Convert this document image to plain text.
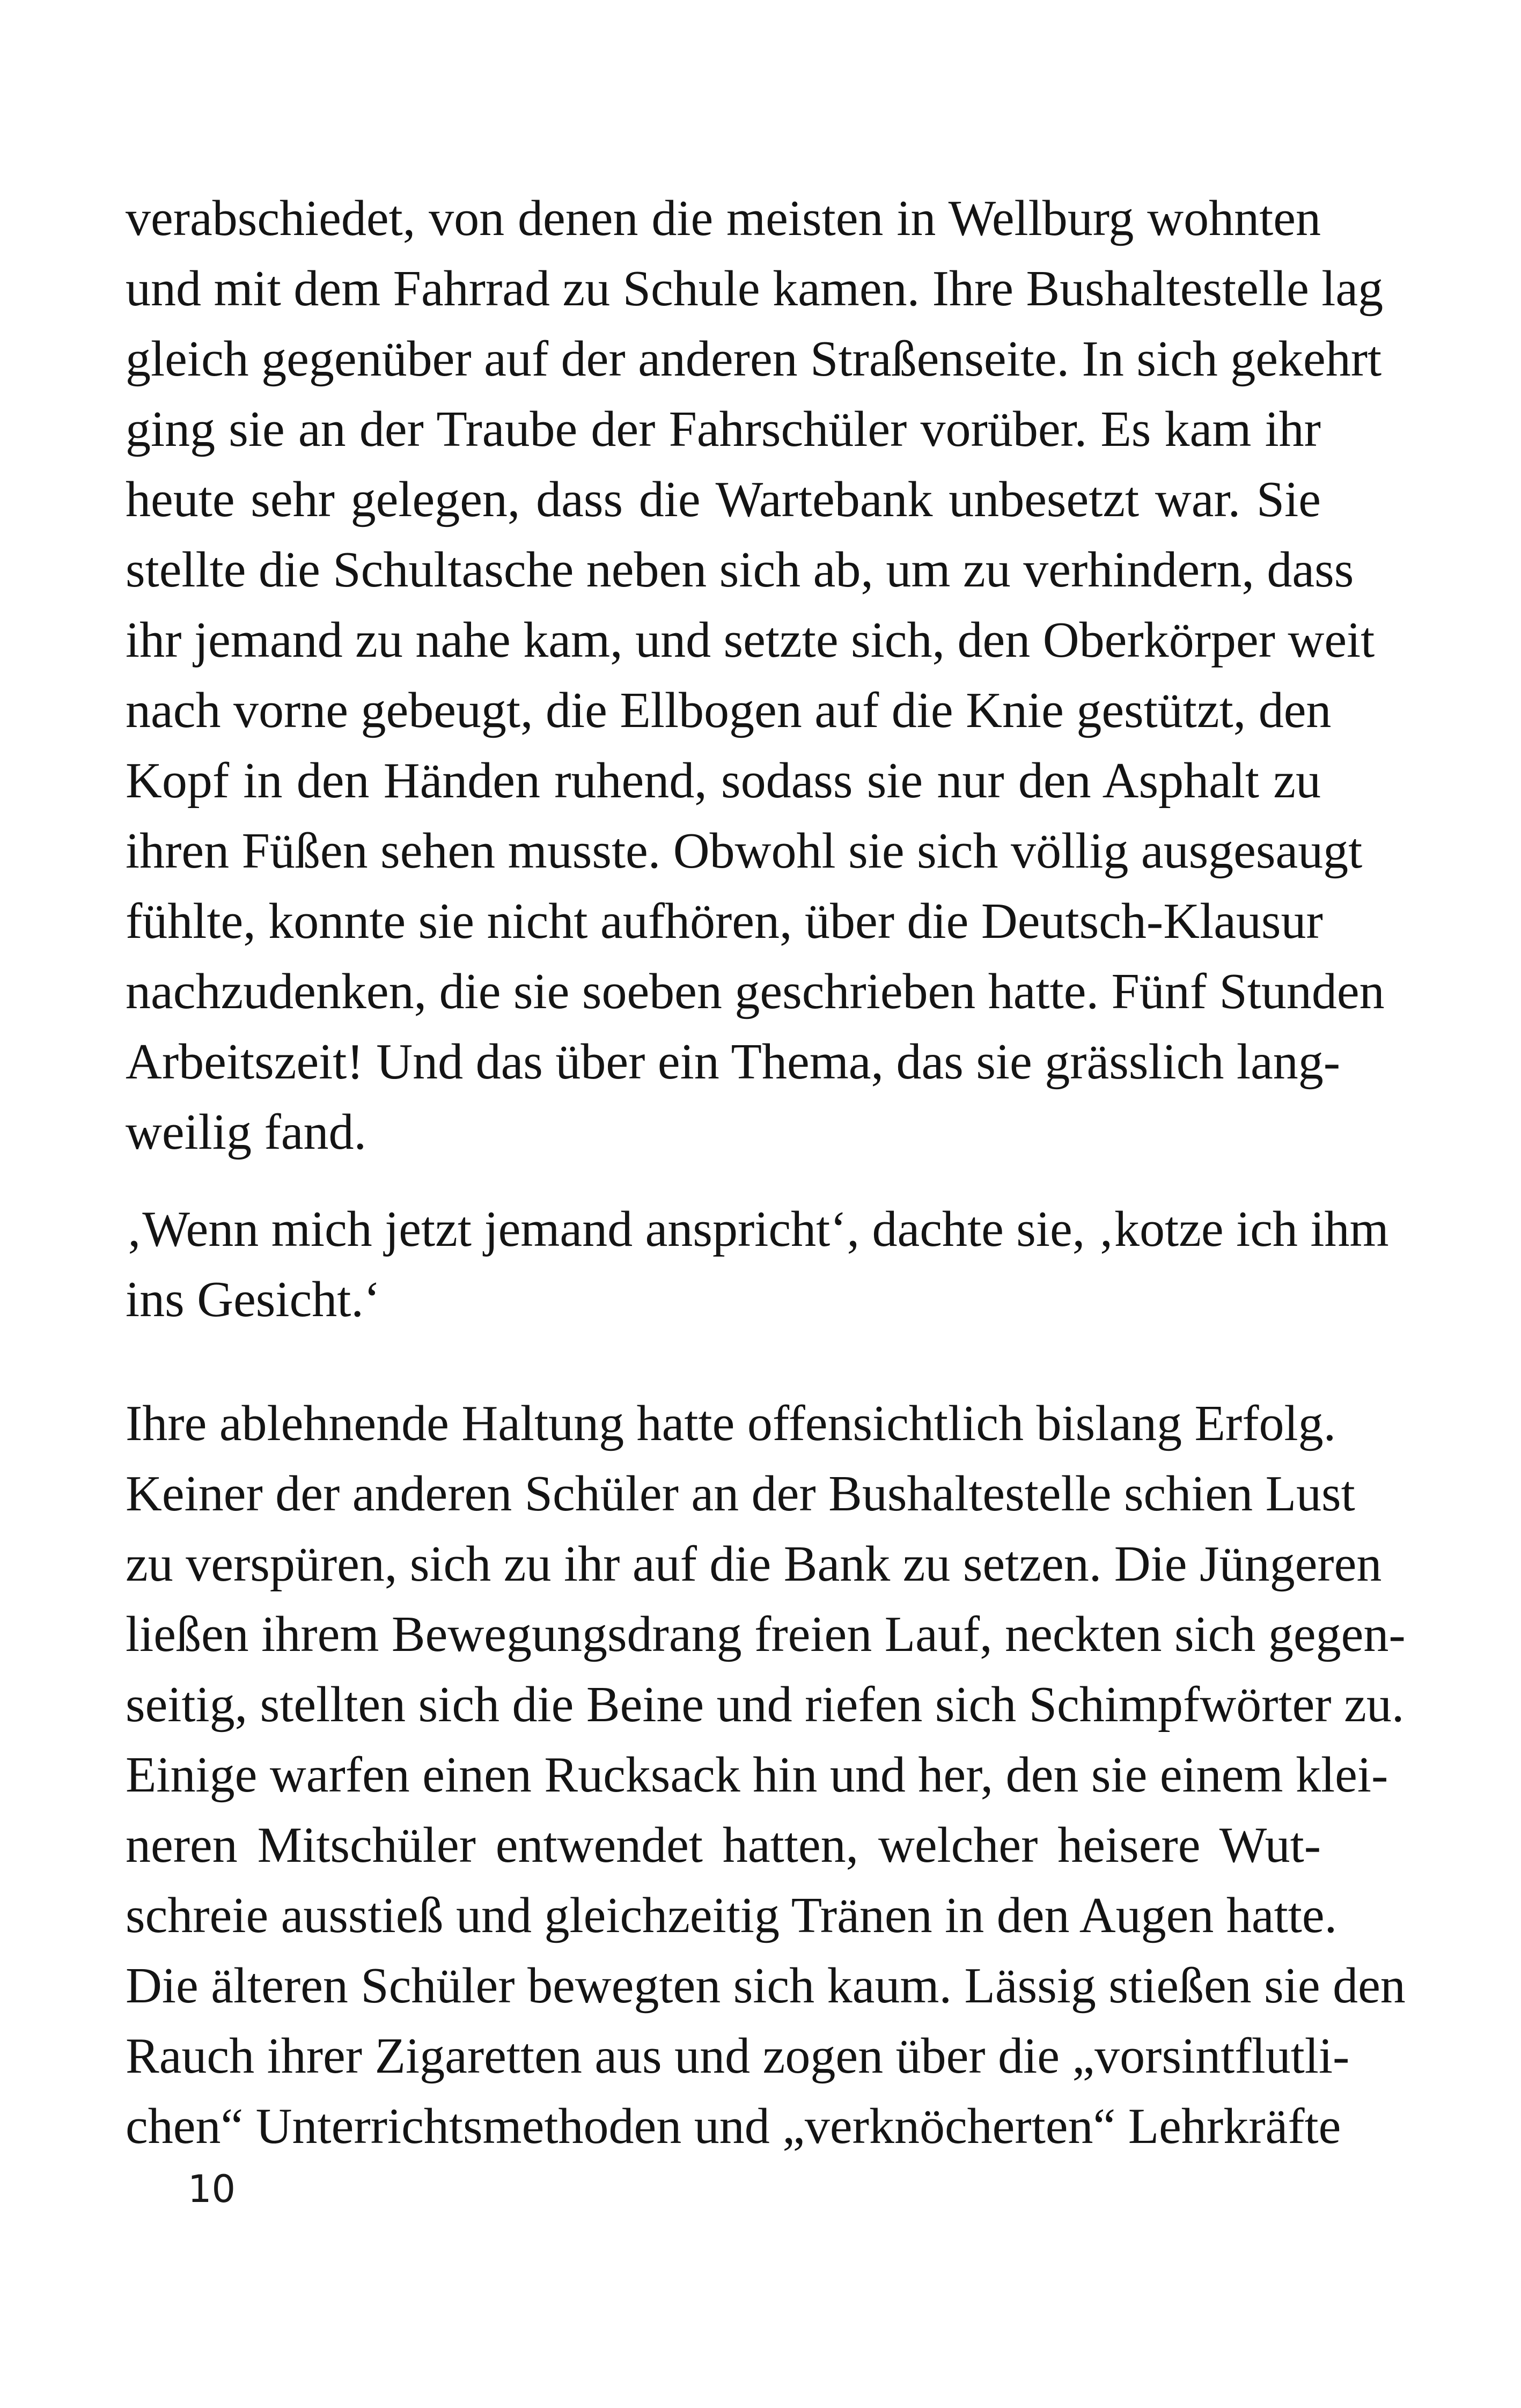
verabschiedet, von denen die meisten in Wellburg wohnten
und mit dem Fahrrad zu Schule kamen. Ihre Bushaltestelle lag
gleich gegenüber auf der anderen Straßenseite. In sich gekehrt
ging sie an der Traube der Fahrschüler vorüber. Es kam ihr
heute sehr gelegen, dass die Wartebank unbesetzt war. Sie
stellte die Schultasche neben sich ab, um zu verhindern, dass
ihr jemand zu nahe kam, und setzte sich, den Oberkörper weit
nach vorne gebeugt, die Ellbogen auf die Knie gestützt, den
Kopf in den Händen ruhend, sodass sie nur den Asphalt zu
ihren Füßen sehen musste. Obwohl sie sich völlig ausgesaugt
fühlte, konnte sie nicht aufhören, über die Deutsch-Klausur
nachzudenken, die sie soeben geschrieben hatte. Fünf Stunden
Arbeitszeit! Und das über ein Thema, das sie grässlich lang-
weilig fand.
‚Wenn mich jetzt jemand anspricht‘, dachte sie, ‚kotze ich ihm
ins Gesicht.‘
Ihre ablehnende Haltung hatte offensichtlich bislang Erfolg.
Keiner der anderen Schüler an der Bushaltestelle schien Lust
zu verspüren, sich zu ihr auf die Bank zu setzen. Die Jüngeren
ließen ihrem Bewegungsdrang freien Lauf, neckten sich gegen-
seitig, stellten sich die Beine und riefen sich Schimpfwörter zu.
Einige warfen einen Rucksack hin und her, den sie einem klei-
neren Mitschüler entwendet hatten, welcher heisere Wut-
schreie ausstieß und gleichzeitig Tränen in den Augen hatte.
Die älteren Schüler bewegten sich kaum. Lässig stießen sie den
Rauch ihrer Zigaretten aus und zogen über die „vorsintflutli-
chen“ Unterrichtsmethoden und „verknöcherten“ Lehrkräfte
10
